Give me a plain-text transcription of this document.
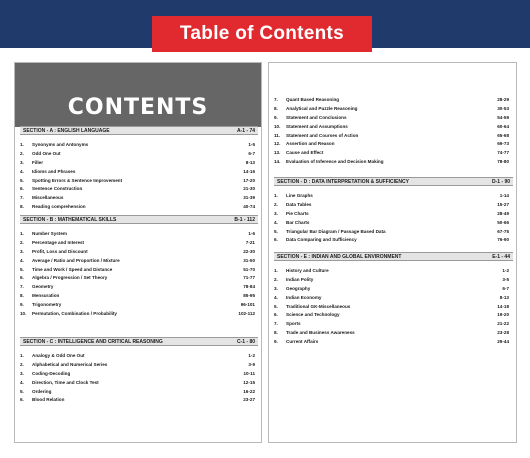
Table of Contents
CONTENTS
SECTION - A : ENGLISH LANGUAGE	A-1 - 74
1.	Synonyms and Antonyms	1-5
2.	Odd One Out	6-7
3.	Filler	8-13
4.	Idioms and Phrases	14-16
5.	Spotting Errors & Sentence Improvement	17-20
6.	Sentence Construction	21-30
7.	Miscellaneous	31-39
8.	Reading comprehension	40-74
SECTION - B : MATHEMATICAL SKILLS	B-1 - 112
1.	Number System	1-6
2.	Percentage and Interest	7-21
3.	Profit, Loss and Discount	22-30
4.	Average / Ratio and Proportion / Mixture	31-50
5.	Time and Work / Speed and Distance	51-70
6.	Algebra / Progression / Set Theory	71-77
7.	Geometry	78-84
8.	Mensuration	85-95
9.	Trigonometry	96-101
10.	Permutation, Combination / Probability	102-112
SECTION - C : INTELLIGENCE AND CRITICAL REASONING	C-1 - 80
1.	Analogy & Odd One Out	1-2
2.	Alphabetical and Numerical Series	3-9
3.	Coding-Decoding	10-11
4.	Direction, Time and Clock Test	12-15
5.	Ordering	16-22
6.	Blood Relation	23-27
7.	Quant Based Reasoning	28-29
8.	Analytical and Puzzle Reasoning	30-53
9.	Statement and Conclusions	54-59
10.	Statement and Assumptions	60-64
11.	Statement and Courses of Action	65-68
12.	Assertion and Reason	69-73
13.	Cause and Effect	74-77
14.	Evaluation of Inference and Decision Making	78-80
SECTION - D : DATA INTERPRETATION & SUFFICIENCY	D-1 - 90
1.	Line Graphs	1-14
2.	Data Tables	15-27
3.	Pie Charts	28-49
4.	Bar Charts	50-66
5.	Triangular Bar Diagram / Passage Based Data	67-75
6.	Data Comparing and Sufficiency	76-90
SECTION - E : INDIAN AND GLOBAL ENVIRONMENT	E-1 - 44
1.	History and Culture	1-2
2.	Indian Polity	3-5
3.	Geography	6-7
4.	Indian Economy	8-13
5.	Traditional GK-Miscellaneous	14-18
6.	Science and Technology	19-20
7.	Sports	21-22
8.	Trade and Business Awareness	23-28
9.	Current Affairs	29-44
